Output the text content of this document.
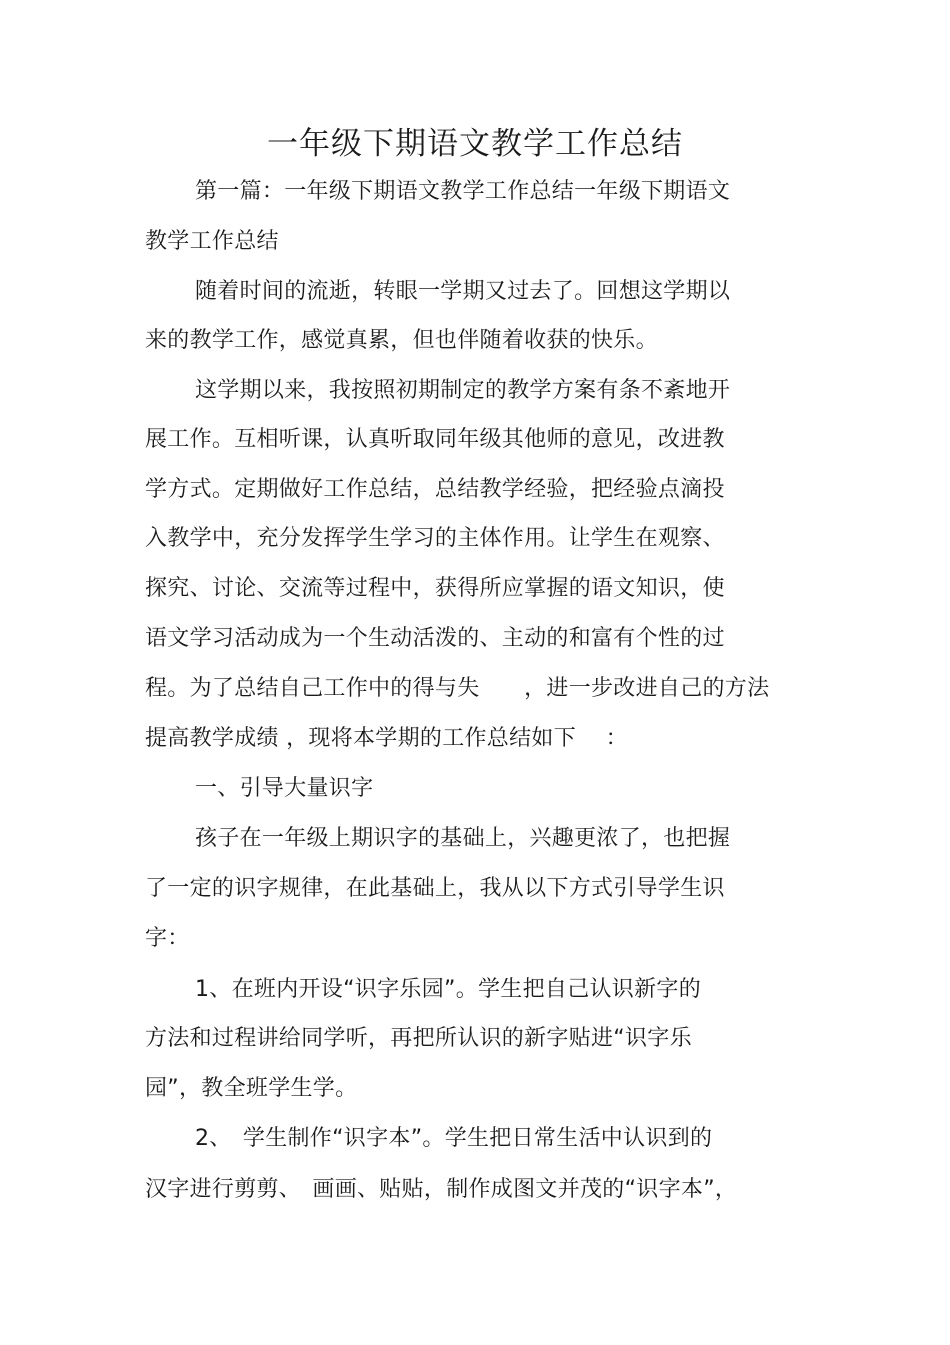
一年级下期语文教学工作总结
第一篇：一年级下期语文教学工作总结一年级下期语文
教学工作总结
随着时间的流逝，转眼一学期又过去了。回想这学期以
来的教学工作，感觉真累，但也伴随着收获的快乐。
这学期以来，我按照初期制定的教学方案有条不紊地开
展工作。互相听课，认真听取同年级其他师的意见，改进教
学方式。定期做好工作总结，总结教学经验，把经验点滴投
入教学中，充分发挥学生学习的主体作用。让学生在观察、
探究、讨论、交流等过程中，获得所应掌握的语文知识，使
语文学习活动成为一个生动活泼的、主动的和富有个性的过
程。为了总结自己工作中的得与失　　，进一步改进自己的方法
提高教学成绩 ，现将本学期的工作总结如下　 ：
一、引导大量识字
孩子在一年级上期识字的基础上，兴趣更浓了，也把握
了一定的识字规律，在此基础上，我从以下方式引导学生识
字：
1、在班内开设“识字乐园”。学生把自己认识新字的
方法和过程讲给同学听，再把所认识的新字贴进“识字乐
园”，教全班学生学。
2、　学生制作“识字本”。学生把日常生活中认识到的
汉字进行剪剪、　画画、贴贴，制作成图文并茂的“识字本”，
